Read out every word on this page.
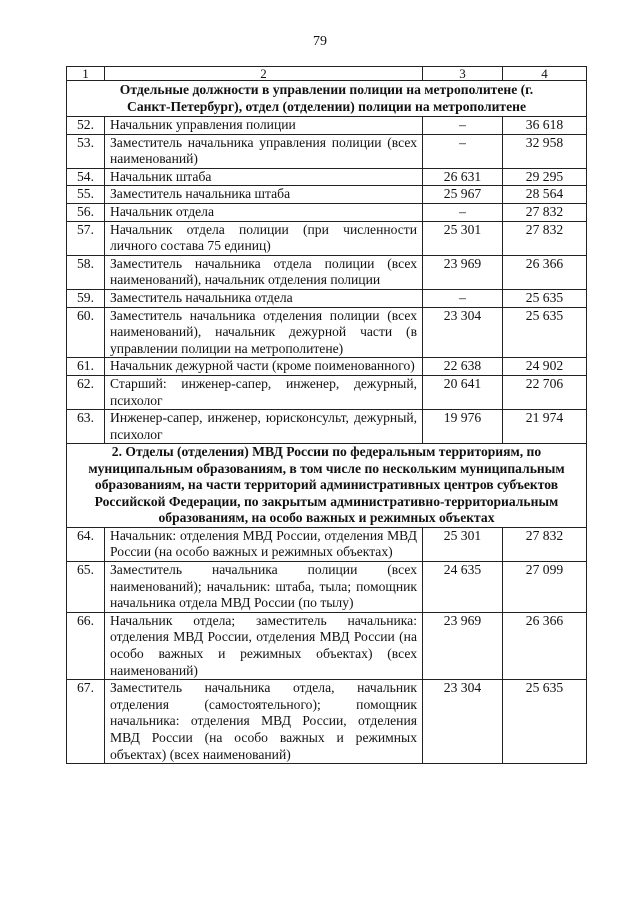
79
1	2	3	4
Отдельные должности в управлении полиции на метрополитене (г. Санкт-Петербург), отдел (отделении) полиции на метрополитене			
52.	Начальник управления полиции	–	36 618
53.	Заместитель начальника управления полиции (всех наименований)	–	32 958
54.	Начальник штаба	26 631	29 295
55.	Заместитель начальника штаба	25 967	28 564
56.	Начальник отдела	–	27 832
57.	Начальник отдела полиции (при численности личного состава 75 единиц)	25 301	27 832
58.	Заместитель начальника отдела полиции (всех наименований), начальник отделения полиции	23 969	26 366
59.	Заместитель начальника отдела	–	25 635
60.	Заместитель начальника отделения полиции (всех наименований), начальник дежурной части (в управлении полиции на метрополитене)	23 304	25 635
61.	Начальник дежурной части (кроме поименованного)	22 638	24 902
62.	Старший: инженер-сапер, инженер, дежурный, психолог	20 641	22 706
63.	Инженер-сапер, инженер, юрисконсульт, дежурный, психолог	19 976	21 974
2. Отделы (отделения) МВД России по федеральным территориям, по муниципальным образованиям, в том числе по нескольким муниципальным образованиям, на части территорий административных центров субъектов Российской Федерации, по закрытым административно-территориальным образованиям, на особо важных и режимных объектах			
64.	Начальник: отделения МВД России, отделения МВД России (на особо важных и режимных объектах)	25 301	27 832
65.	Заместитель начальника полиции (всех наименований); начальник: штаба, тыла; помощник начальника отдела МВД России (по тылу)	24 635	27 099
66.	Начальник отдела; заместитель начальника: отделения МВД России, отделения МВД России (на особо важных и режимных объектах) (всех наименований)	23 969	26 366
67.	Заместитель начальника отдела, начальник отделения (самостоятельного); помощник начальника: отделения МВД России, отделения МВД России (на особо важных и режимных объектах) (всех наименований)	23 304	25 635
